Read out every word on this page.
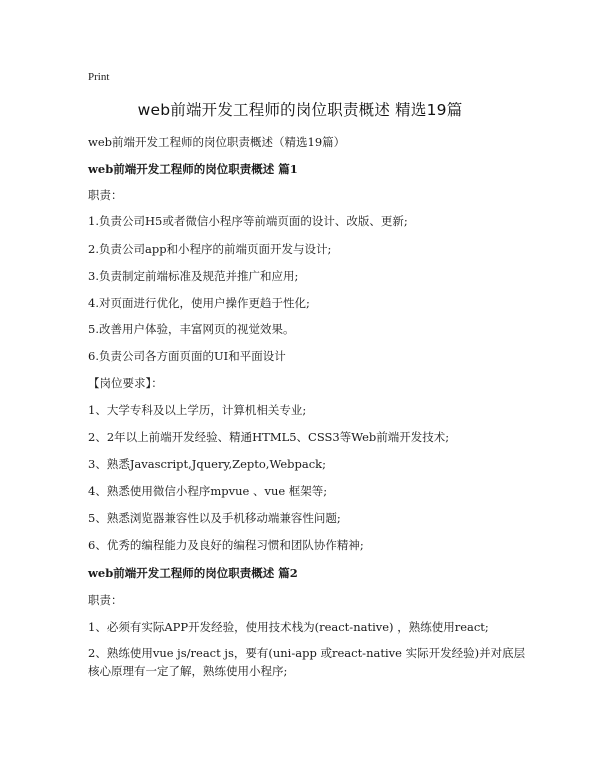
Print
web前端开发工程师的岗位职责概述 精选19篇
web前端开发工程师的岗位职责概述（精选19篇）
web前端开发工程师的岗位职责概述 篇1
职责：
1.负责公司H5或者微信小程序等前端页面的设计、改版、更新;
2.负责公司app和小程序的前端页面开发与设计;
3.负责制定前端标准及规范并推广和应用;
4.对页面进行优化，使用户操作更趋于性化;
5.改善用户体验，丰富网页的视觉效果。
6.负责公司各方面页面的UI和平面设计
【岗位要求】：
1、大学专科及以上学历，计算机相关专业;
2、2年以上前端开发经验、精通HTML5、CSS3等Web前端开发技术;
3、熟悉Javascript,Jquery,Zepto,Webpack;
4、熟悉使用微信小程序mpvue 、vue 框架等;
5、熟悉浏览器兼容性以及手机移动端兼容性问题;
6、优秀的编程能力及良好的编程习惯和团队协作精神;
web前端开发工程师的岗位职责概述 篇2
职责：
1、必须有实际APP开发经验，使用技术栈为(react-native) ，熟练使用react;
2、熟练使用vue js/react js，要有(uni-app 或react-native 实际开发经验)并对底层核心原理有一定了解，熟练使用小程序;
